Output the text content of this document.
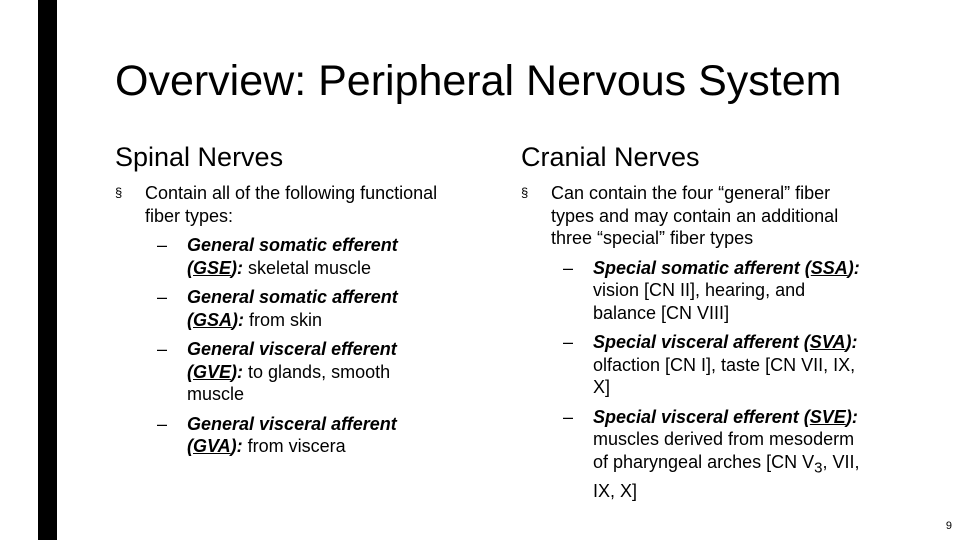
Overview: Peripheral Nervous System
Spinal Nerves
§ Contain all of the following functional fiber types:
– General somatic efferent (GSE): skeletal muscle
– General somatic afferent (GSA): from skin
– General visceral efferent (GVE): to glands, smooth muscle
– General visceral afferent (GVA): from viscera
Cranial Nerves
§ Can contain the four “general” fiber types and may contain an additional three “special” fiber types
– Special somatic afferent (SSA): vision [CN II], hearing, and balance [CN VIII]
– Special visceral afferent (SVA): olfaction [CN I], taste [CN VII, IX, X]
– Special visceral efferent (SVE): muscles derived from mesoderm of pharyngeal arches [CN $V_3$, VII, IX, X]
9
